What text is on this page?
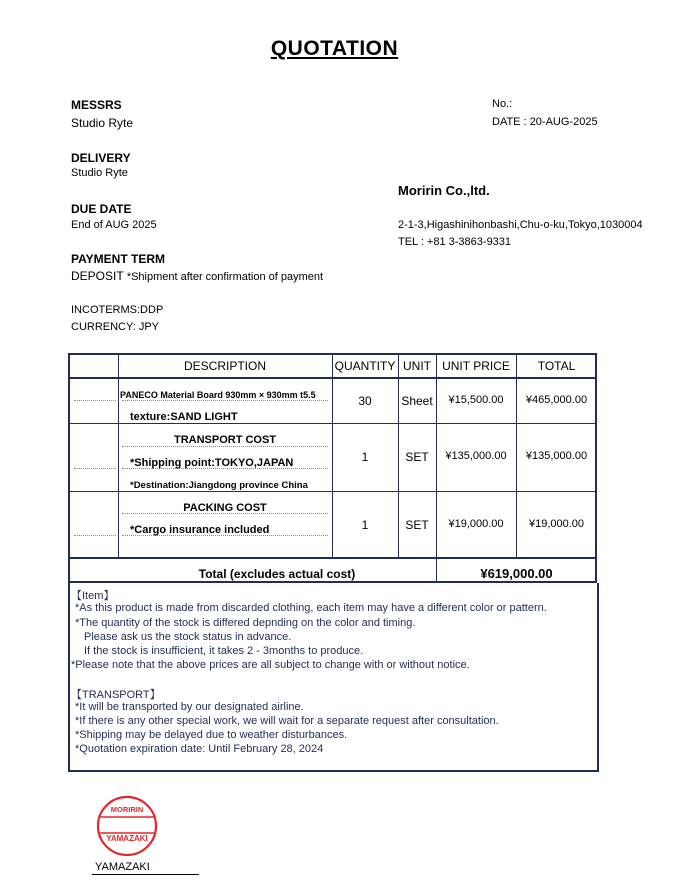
QUOTATION
MESSRS
Studio Ryte
DELIVERY
Studio Ryte
DUE DATE
End of AUG 2025
PAYMENT TERM
DEPOSIT *Shipment after confirmation of payment
INCOTERMS:DDP
CURRENCY: JPY
No.:
DATE : 20-AUG-2025
Moririn Co.,ltd.
2-1-3,Higashinihonbashi,Chu-o-ku,Tokyo,1030004
TEL : +81 3-3863-9331
DESCRIPTION	QUANTITY UNIT UNIT PRICE	TOTAL
PANECO Material Board 930mm × 930mm t5.5
texture:SAND LIGHT
30	Sheet	¥15,500.00	¥465,000.00
TRANSPORT COST
*Shipping point:TOKYO,JAPAN
*Destination:Jiangdong province China
1	SET	¥135,000.00	¥135,000.00
PACKING COST
*Cargo insurance included	1	SET	¥19,000.00	¥19,000.00
Total (excludes actual cost)	¥619,000.00
【Item】
*As this product is made from discarded clothing, each item may have a different color or pattern.
*The quantity of the stock is differed depnding on the color and timing.
Please ask us the stock status in advance.
If the stock is insufficient, it takes 2 - 3months to produce.
*Please note that the above prices are all subject to change with or without notice.
【TRANSPORT】
*It will be transported by our designated airline.
*If there is any other special work, we will wait for a separate request after consultation.
*Shipping may be delayed due to weather disturbances.
*Quotation expiration date: Until February 28, 2024
MORIRIN
YAMAZAKI
YAMAZAKI
